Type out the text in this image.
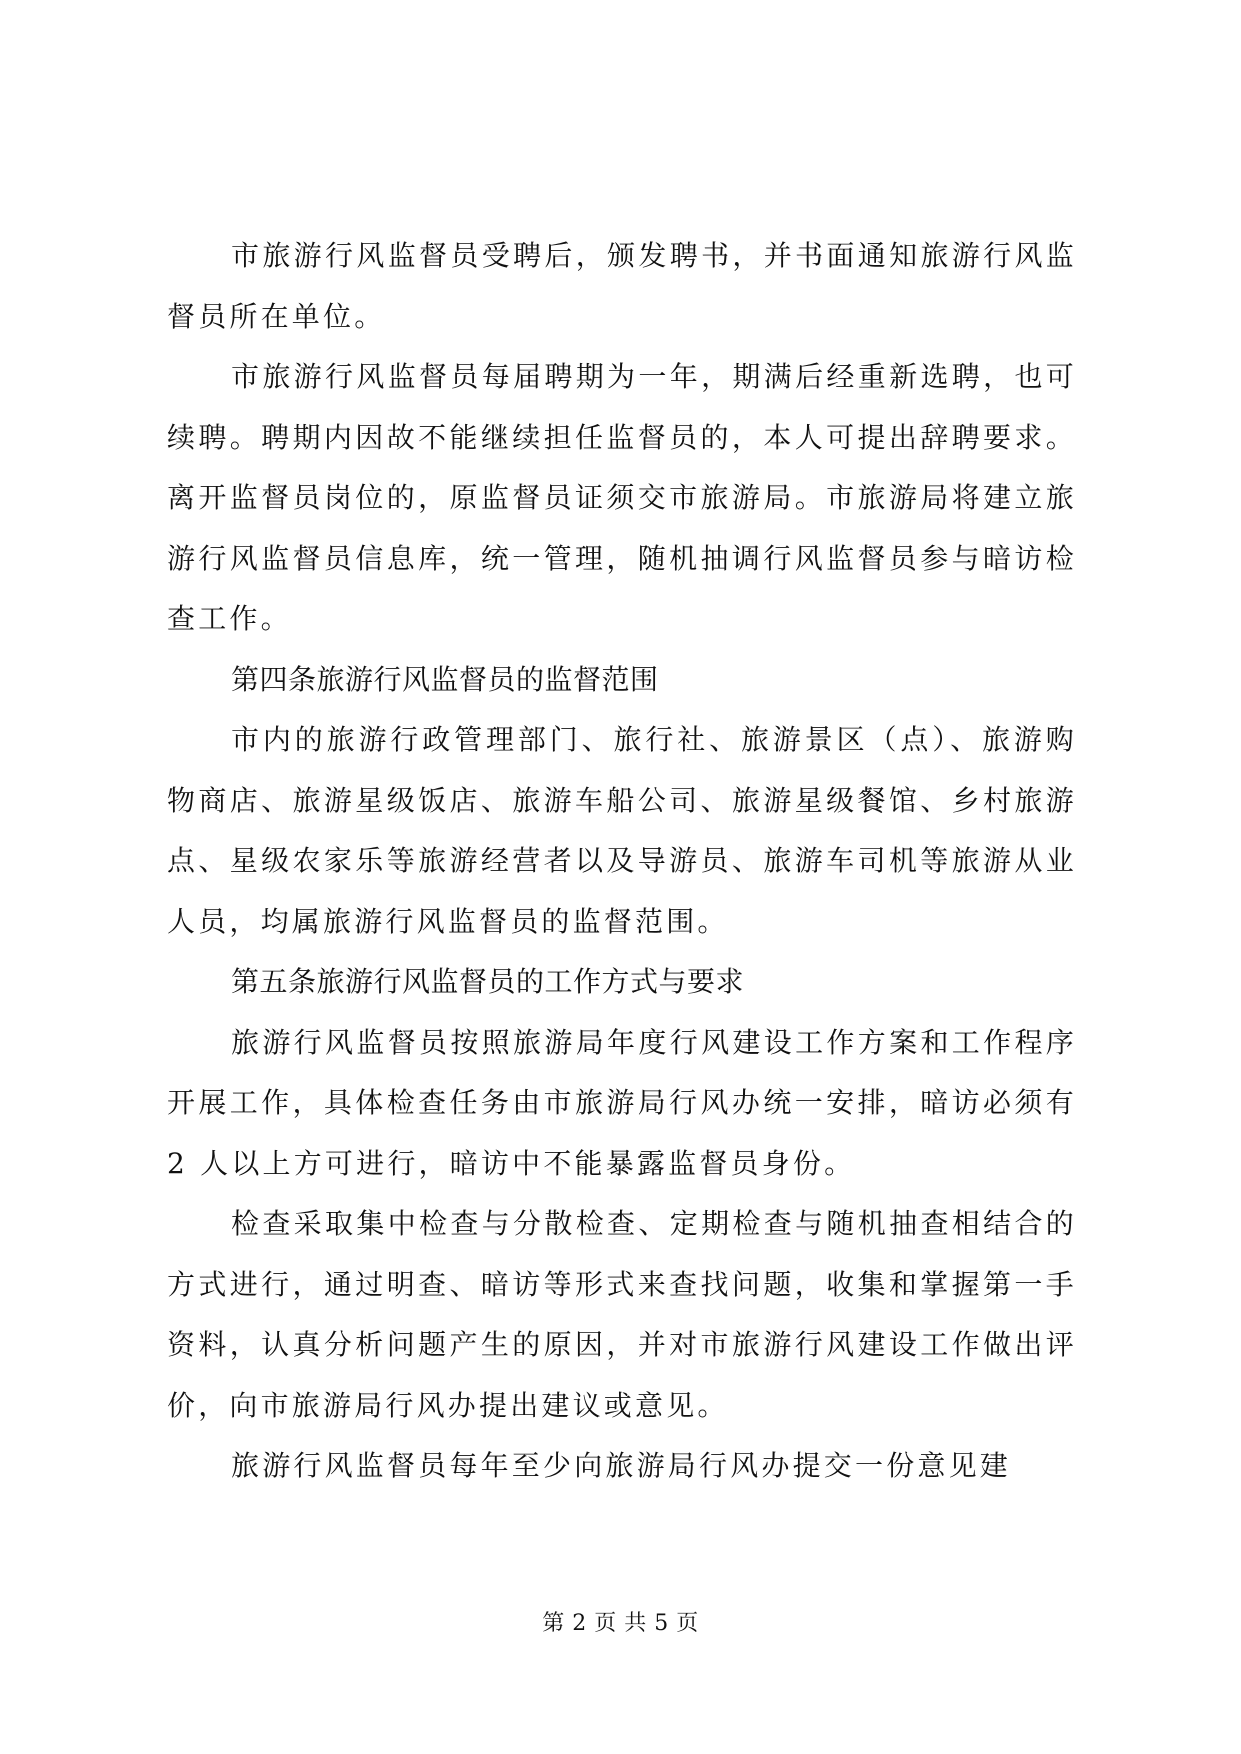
市旅游行风监督员受聘后，颁发聘书，并书面通知旅游行风监督员所在单位。

市旅游行风监督员每届聘期为一年，期满后经重新选聘，也可续聘。聘期内因故不能继续担任监督员的，本人可提出辞聘要求。离开监督员岗位的，原监督员证须交市旅游局。市旅游局将建立旅游行风监督员信息库，统一管理，随机抽调行风监督员参与暗访检查工作。

第四条旅游行风监督员的监督范围

市内的旅游行政管理部门、旅行社、旅游景区（点）、旅游购物商店、旅游星级饭店、旅游车船公司、旅游星级餐馆、乡村旅游点、星级农家乐等旅游经营者以及导游员、旅游车司机等旅游从业人员，均属旅游行风监督员的监督范围。

第五条旅游行风监督员的工作方式与要求

旅游行风监督员按照旅游局年度行风建设工作方案和工作程序开展工作，具体检查任务由市旅游局行风办统一安排，暗访必须有 2 人以上方可进行，暗访中不能暴露监督员身份。

检查采取集中检查与分散检查、定期检查与随机抽查相结合的方式进行，通过明查、暗访等形式来查找问题，收集和掌握第一手资料，认真分析问题产生的原因，并对市旅游行风建设工作做出评价，向市旅游局行风办提出建议或意见。

旅游行风监督员每年至少向旅游局行风办提交一份意见建

第 2 页 共 5 页
